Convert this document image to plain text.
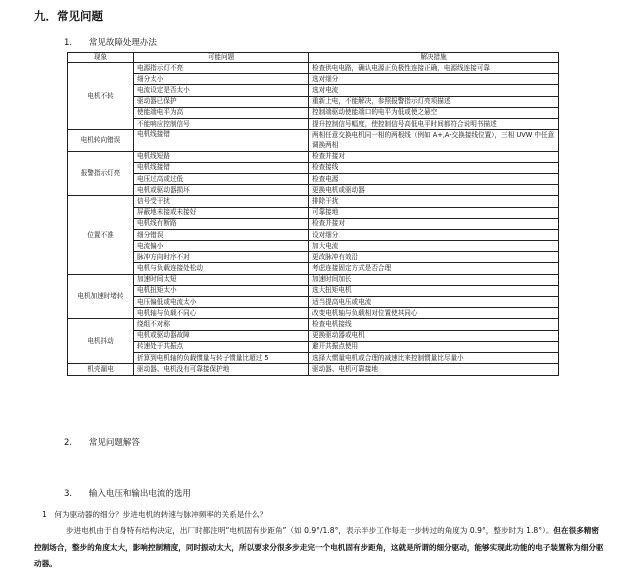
九．常见问题
1. 常见故障处理办法
现象	可能问题	解决措施
电机不转	电源指示灯不亮	检查供电电路，确认电源正负极性连接正确，电源线连接可靠
	细分太小	选对细分
	电流设定是否太小	选对电流
	驱动器已保护	重新上电，不能解决，参照报警指示灯亮项描述
	使能端电平为高	控制端驱动使能端口的电平为低或使之悬空
	不能响应控制信号	提升控制信号幅度，使控制信号高低电平时间都符合说明书描述
电机转向错误	电机线接错	两相任意交换电机同一相的两根线（例如 A+,A-交换接线位置），三相 UVW 中任意调换两相
报警指示灯亮	电机线短路	检查并接对
	电机线接错	检查接线
	电压过高或过低	检查电源
	电机或驱动器损坏	更换电机或驱动器
位置不准	信号受干扰	排除干扰
	屏蔽地未接或未接好	可靠接地
	电机线有断路	检查并接对
	细分错误	设对细分
	电流偏小	加大电流
	脉冲方向时序不对	更改脉冲有效沿
	电机与负载连接处松动	考虑连接固定方式是否合理
电机加速时堵转	加速时间太短	加速时间加长
	电机扭矩太小	选大扭矩电机
	电压偏低或电流太小	适当提高电压或电流
	电机轴与负载不同心	改变电机轴与负载相对位置使其同心
电机抖动	绕组不对称	检查电机接线
	电机或驱动器故障	更换驱动器或电机
	转速处于共振点	避开共振点使用
	折算到电机轴的负载惯量与转子惯量比超过 5	选择大惯量电机或合理的减速比来控制惯量比尽量小
机壳漏电	驱动器、电机没有可靠接保护地	驱动器、电机可靠接地
2. 常见问题解答
3. 输入电压和输出电流的选用
1　何为驱动器的细分？步进电机的转速与脉冲频率的关系是什么？
步进电机由于自身特有结构决定，出厂时都注明“电机固有步距角”（如 0.9°/1.8°，表示半步工作每走一步转过的角度为 0.9°，整步时为 1.8°）。但在很多精密控制场合，整步的角度太大，影响控制精度，同时振动太大，所以要求分很多步走完一个电机固有步距角，这就是所谓的细分驱动，能够实现此功能的电子装置称为细分驱动器。
